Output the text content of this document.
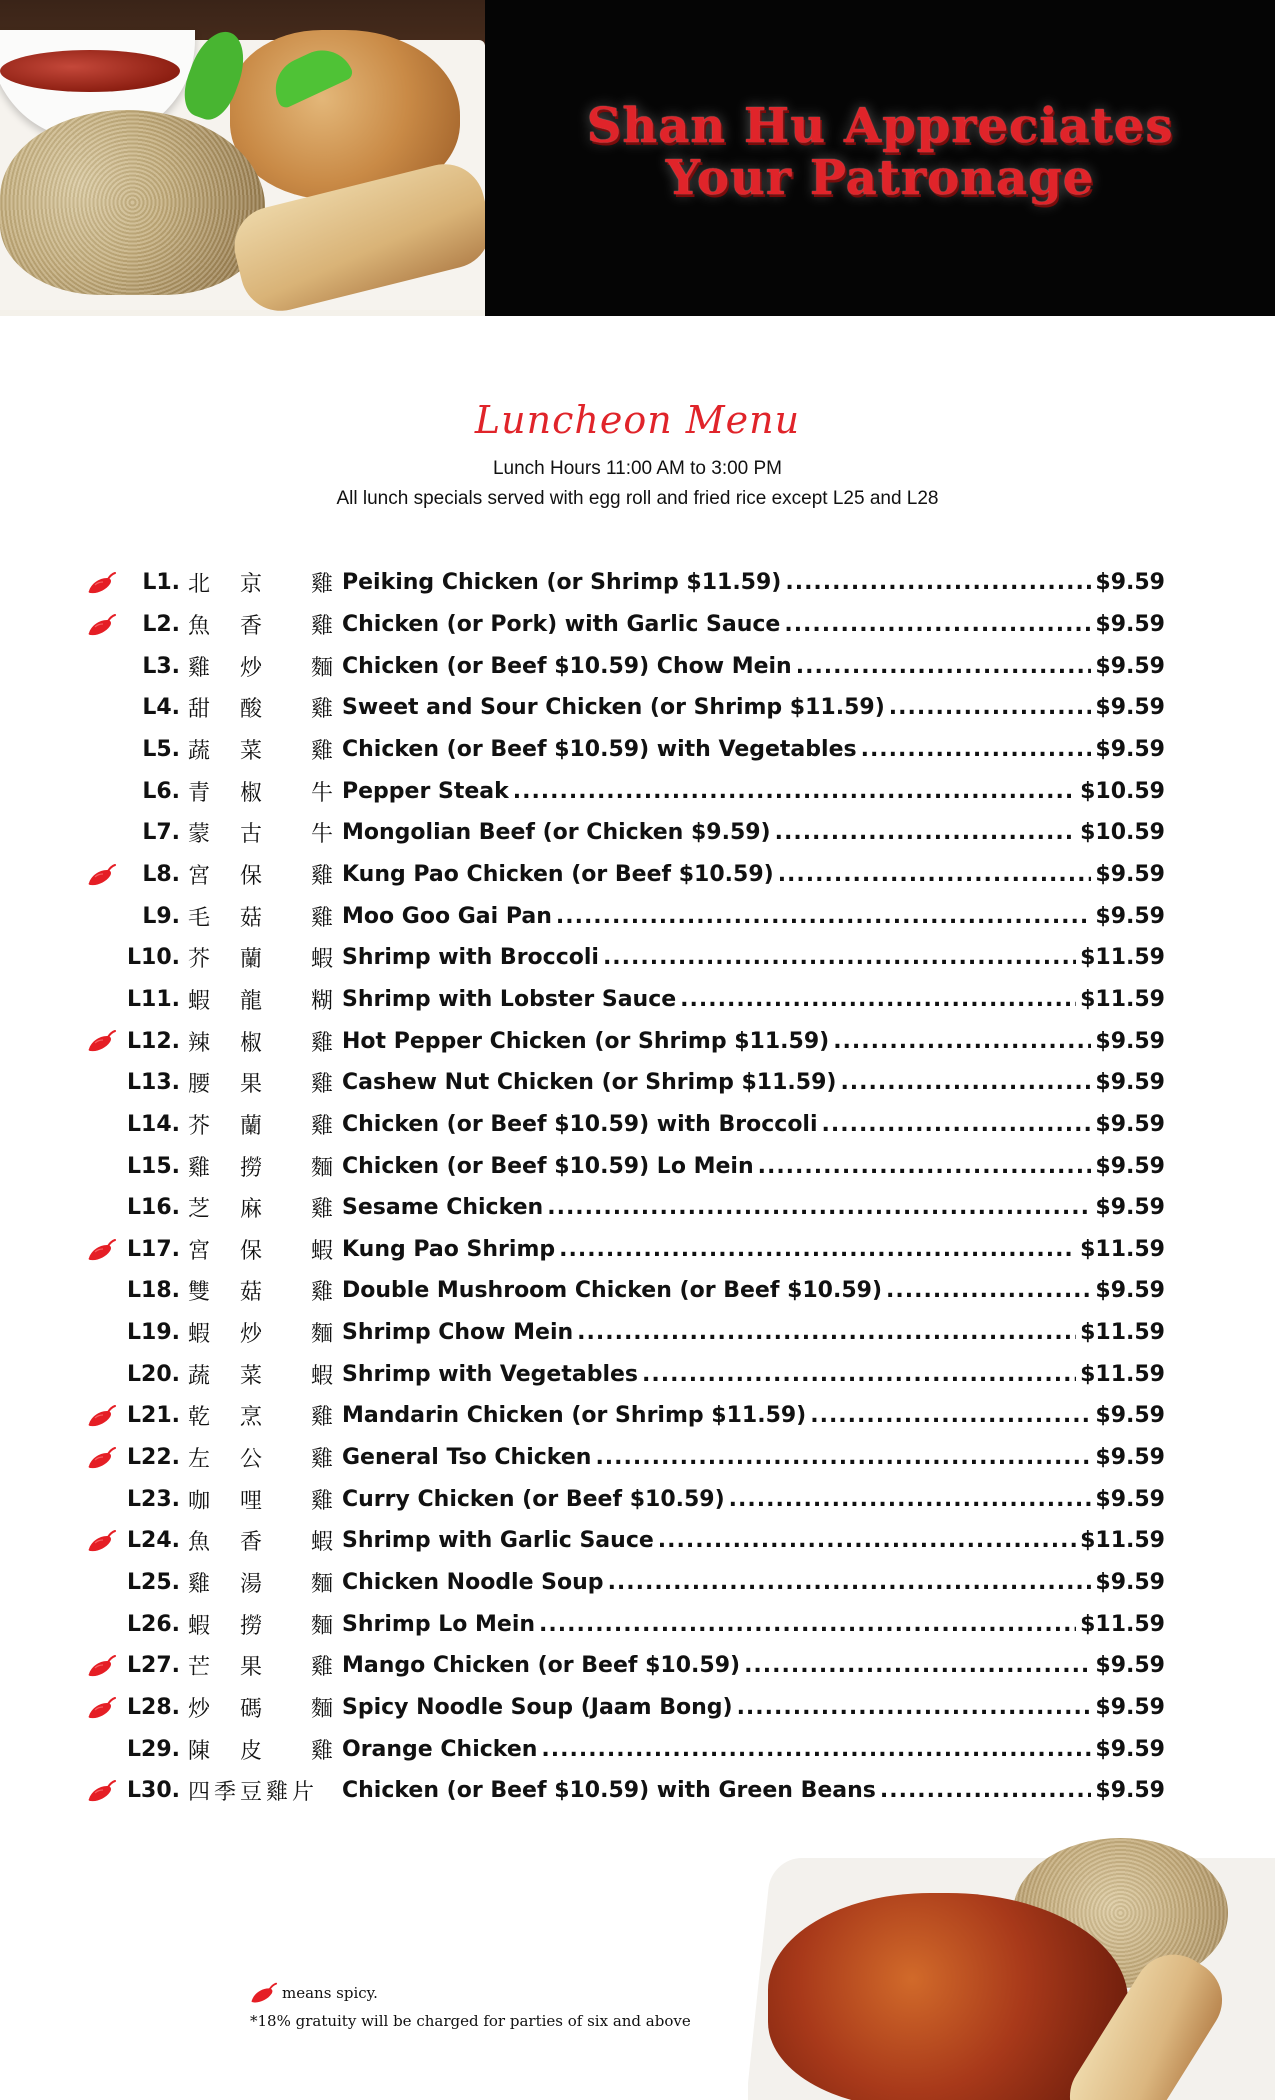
Shan Hu Appreciates
Your Patronage
Luncheon Menu
Lunch Hours 11:00 AM to 3:00 PM
All lunch specials served with egg roll and fried rice except L25 and L28
L1. 北	京	雞 Peiking Chicken (or Shrimp $11.59) .....	$9.59
L2. 魚	香	雞 Chicken (or Pork) with Garlic Sauce .....	$9.59
L3. 雞	炒	麵 Chicken (or Beef $10.59) Chow Mein .....	$9.59
L4. 甜	酸	雞 Sweet and Sour Chicken (or Shrimp $11.59) .....	$9.59
L5. 蔬	菜	雞 Chicken (or Beef $10.59) with Vegetables .....	$9.59
L6. 青	椒	牛 Pepper Steak .....	$10.59
L7. 蒙	古	牛 Mongolian Beef (or Chicken $9.59) .....	$10.59
L8. 宮	保	雞 Kung Pao Chicken (or Beef $10.59) .....	$9.59
L9. 毛	菇	雞 Moo Goo Gai Pan .....	$9.59
L10. 芥	蘭	蝦 Shrimp with Broccoli .....	$11.59
L11. 蝦	龍	糊 Shrimp with Lobster Sauce .....	$11.59
L12. 辣	椒	雞 Hot Pepper Chicken (or Shrimp $11.59) .....	$9.59
L13. 腰	果	雞 Cashew Nut Chicken (or Shrimp $11.59) .....	$9.59
L14. 芥	蘭	雞 Chicken (or Beef $10.59) with Broccoli .....	$9.59
L15. 雞	撈	麵 Chicken (or Beef $10.59) Lo Mein .....	$9.59
L16. 芝	麻	雞 Sesame Chicken .....	$9.59
L17. 宮	保	蝦 Kung Pao Shrimp .....	$11.59
L18. 雙	菇	雞 Double Mushroom Chicken (or Beef $10.59) .....	$9.59
L19. 蝦	炒	麵 Shrimp Chow Mein .....	$11.59
L20. 蔬	菜	蝦 Shrimp with Vegetables .....	$11.59
L21. 乾	烹	雞 Mandarin Chicken (or Shrimp $11.59) .....	$9.59
L22. 左	公	雞 General Tso Chicken .....	$9.59
L23. 咖	哩	雞 Curry Chicken (or Beef $10.59) .....	$9.59
L24. 魚	香	蝦 Shrimp with Garlic Sauce .....	$11.59
L25. 雞	湯	麵 Chicken Noodle Soup .....	$9.59
L26. 蝦	撈	麵 Shrimp Lo Mein .....	$11.59
L27. 芒	果	雞 Mango Chicken (or Beef $10.59) .....	$9.59
L28. 炒	碼	麵 Spicy Noodle Soup (Jaam Bong) .....	$9.59
L29. 陳	皮	雞 Orange Chicken .....	$9.59
L30. 四 季 豆 雞 片 Chicken (or Beef $10.59) with Green Beans .....	$9.59
means spicy.
*18% gratuity will be charged for parties of six and above
